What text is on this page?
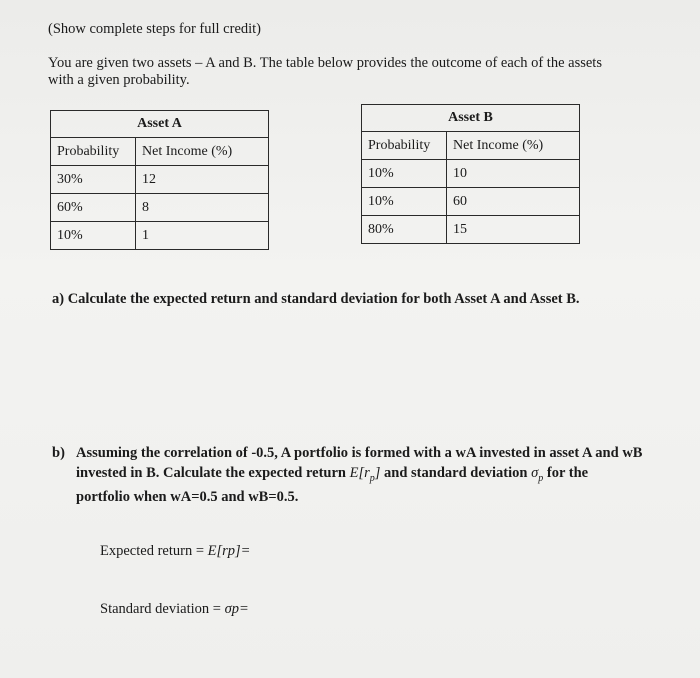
(Show complete steps for full credit)
You are given two assets – A and B. The table below provides the outcome of each of the assets
with a given probability.
Asset A	
Probability	Net Income (%)
30%	12
60%	8
10%	1
Asset B	
Probability	Net Income (%)
10%	10
10%	60
80%	15
a) Calculate the expected return and standard deviation for both Asset A and Asset B.
b) Assuming the correlation of -0.5, A portfolio is formed with a wA invested in asset A and wB
invested in B. Calculate the expected return $E[r_p]$ and standard deviation $\sigma_p$ for the
portfolio when wA=0.5 and wB=0.5.
Expected return = E[rp]=
Standard deviation = σp=
